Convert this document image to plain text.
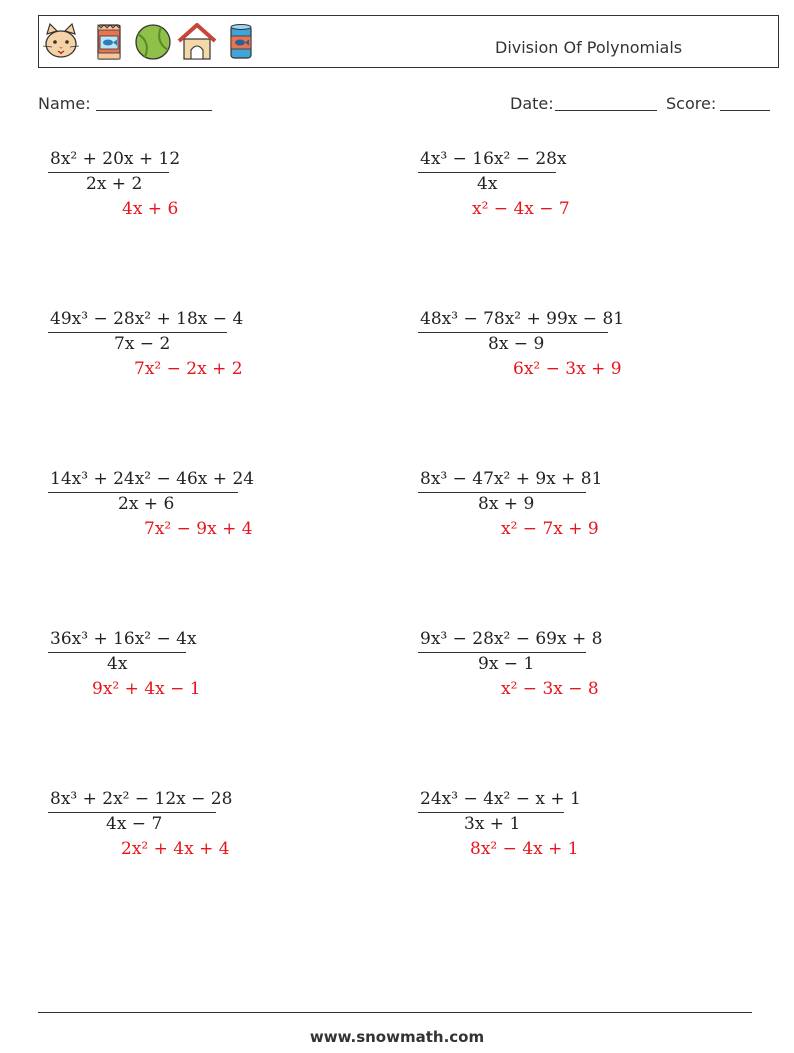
Division Of Polynomials
Name:	Date:	Score:
8x² + 20x + 12
2x + 2
4x + 6
4x³ − 16x² − 28x
4x
x² − 4x − 7
49x³ − 28x² + 18x − 4
7x − 2
7x² − 2x + 2
48x³ − 78x² + 99x − 81
8x − 9
6x² − 3x + 9
14x³ + 24x² − 46x + 24
2x + 6
7x² − 9x + 4
8x³ − 47x² + 9x + 81
8x + 9
x² − 7x + 9
36x³ + 16x² − 4x
4x
9x² + 4x − 1
9x³ − 28x² − 69x + 8
9x − 1
x² − 3x − 8
8x³ + 2x² − 12x − 28
4x − 7
2x² + 4x + 4
24x³ − 4x² − x + 1
3x + 1
8x² − 4x + 1
www.snowmath.com
